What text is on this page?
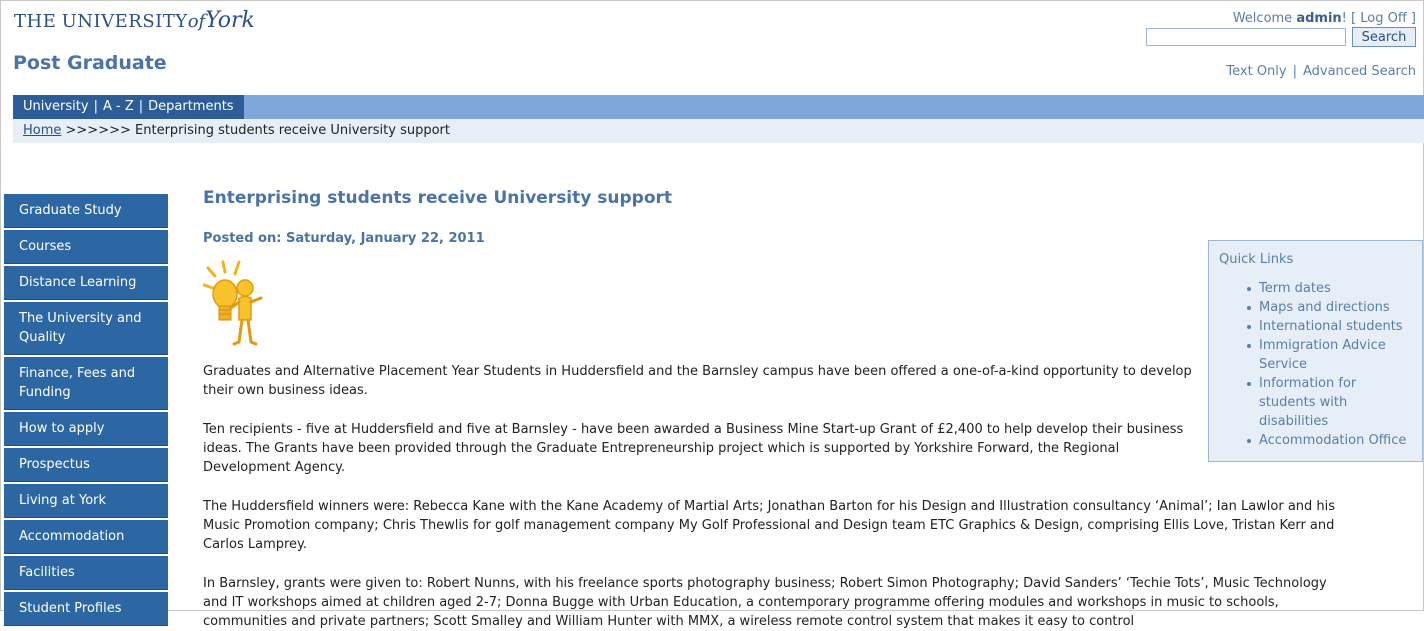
THE UNIVERSITYofYork
Post Graduate
Welcome admin! [ Log Off ]
Search
Text Only | Advanced Search
University | A - Z | Departments
Home >>>>>> Enterprising students receive University support
Graduate Study
Courses
Distance Learning
The University and Quality
Finance, Fees and Funding
How to apply
Prospectus
Living at York
Accommodation
Facilities
Student Profiles
Enterprising students receive University support
Posted on: Saturday, January 22, 2011

Graduates and Alternative Placement Year Students in Huddersfield and the Barnsley campus have been offered a one-of-a-kind opportunity to develop their own business ideas.

Ten recipients - five at Huddersfield and five at Barnsley - have been awarded a Business Mine Start-up Grant of £2,400 to help develop their business ideas. The Grants have been provided through the Graduate Entrepreneurship project which is supported by Yorkshire Forward, the Regional Development Agency.

The Huddersfield winners were: Rebecca Kane with the Kane Academy of Martial Arts; Jonathan Barton for his Design and Illustration consultancy ‘Animal’; Ian Lawlor and his Music Promotion company; Chris Thewlis for golf management company My Golf Professional and Design team ETC Graphics & Design, comprising Ellis Love, Tristan Kerr and Carlos Lamprey.

In Barnsley, grants were given to: Robert Nunns, with his freelance sports photography business; Robert Simon Photography; David Sanders’ ‘Techie Tots’, Music Technology and IT workshops aimed at children aged 2-7; Donna Bugge with Urban Education, a contemporary programme offering modules and workshops in music to schools, communities and private partners; Scott Smalley and William Hunter with MMX, a wireless remote control system that makes it easy to control

Quick Links
Term dates
Maps and directions
International students
Immigration Advice Service
Information for students with disabilities
Accommodation Office
